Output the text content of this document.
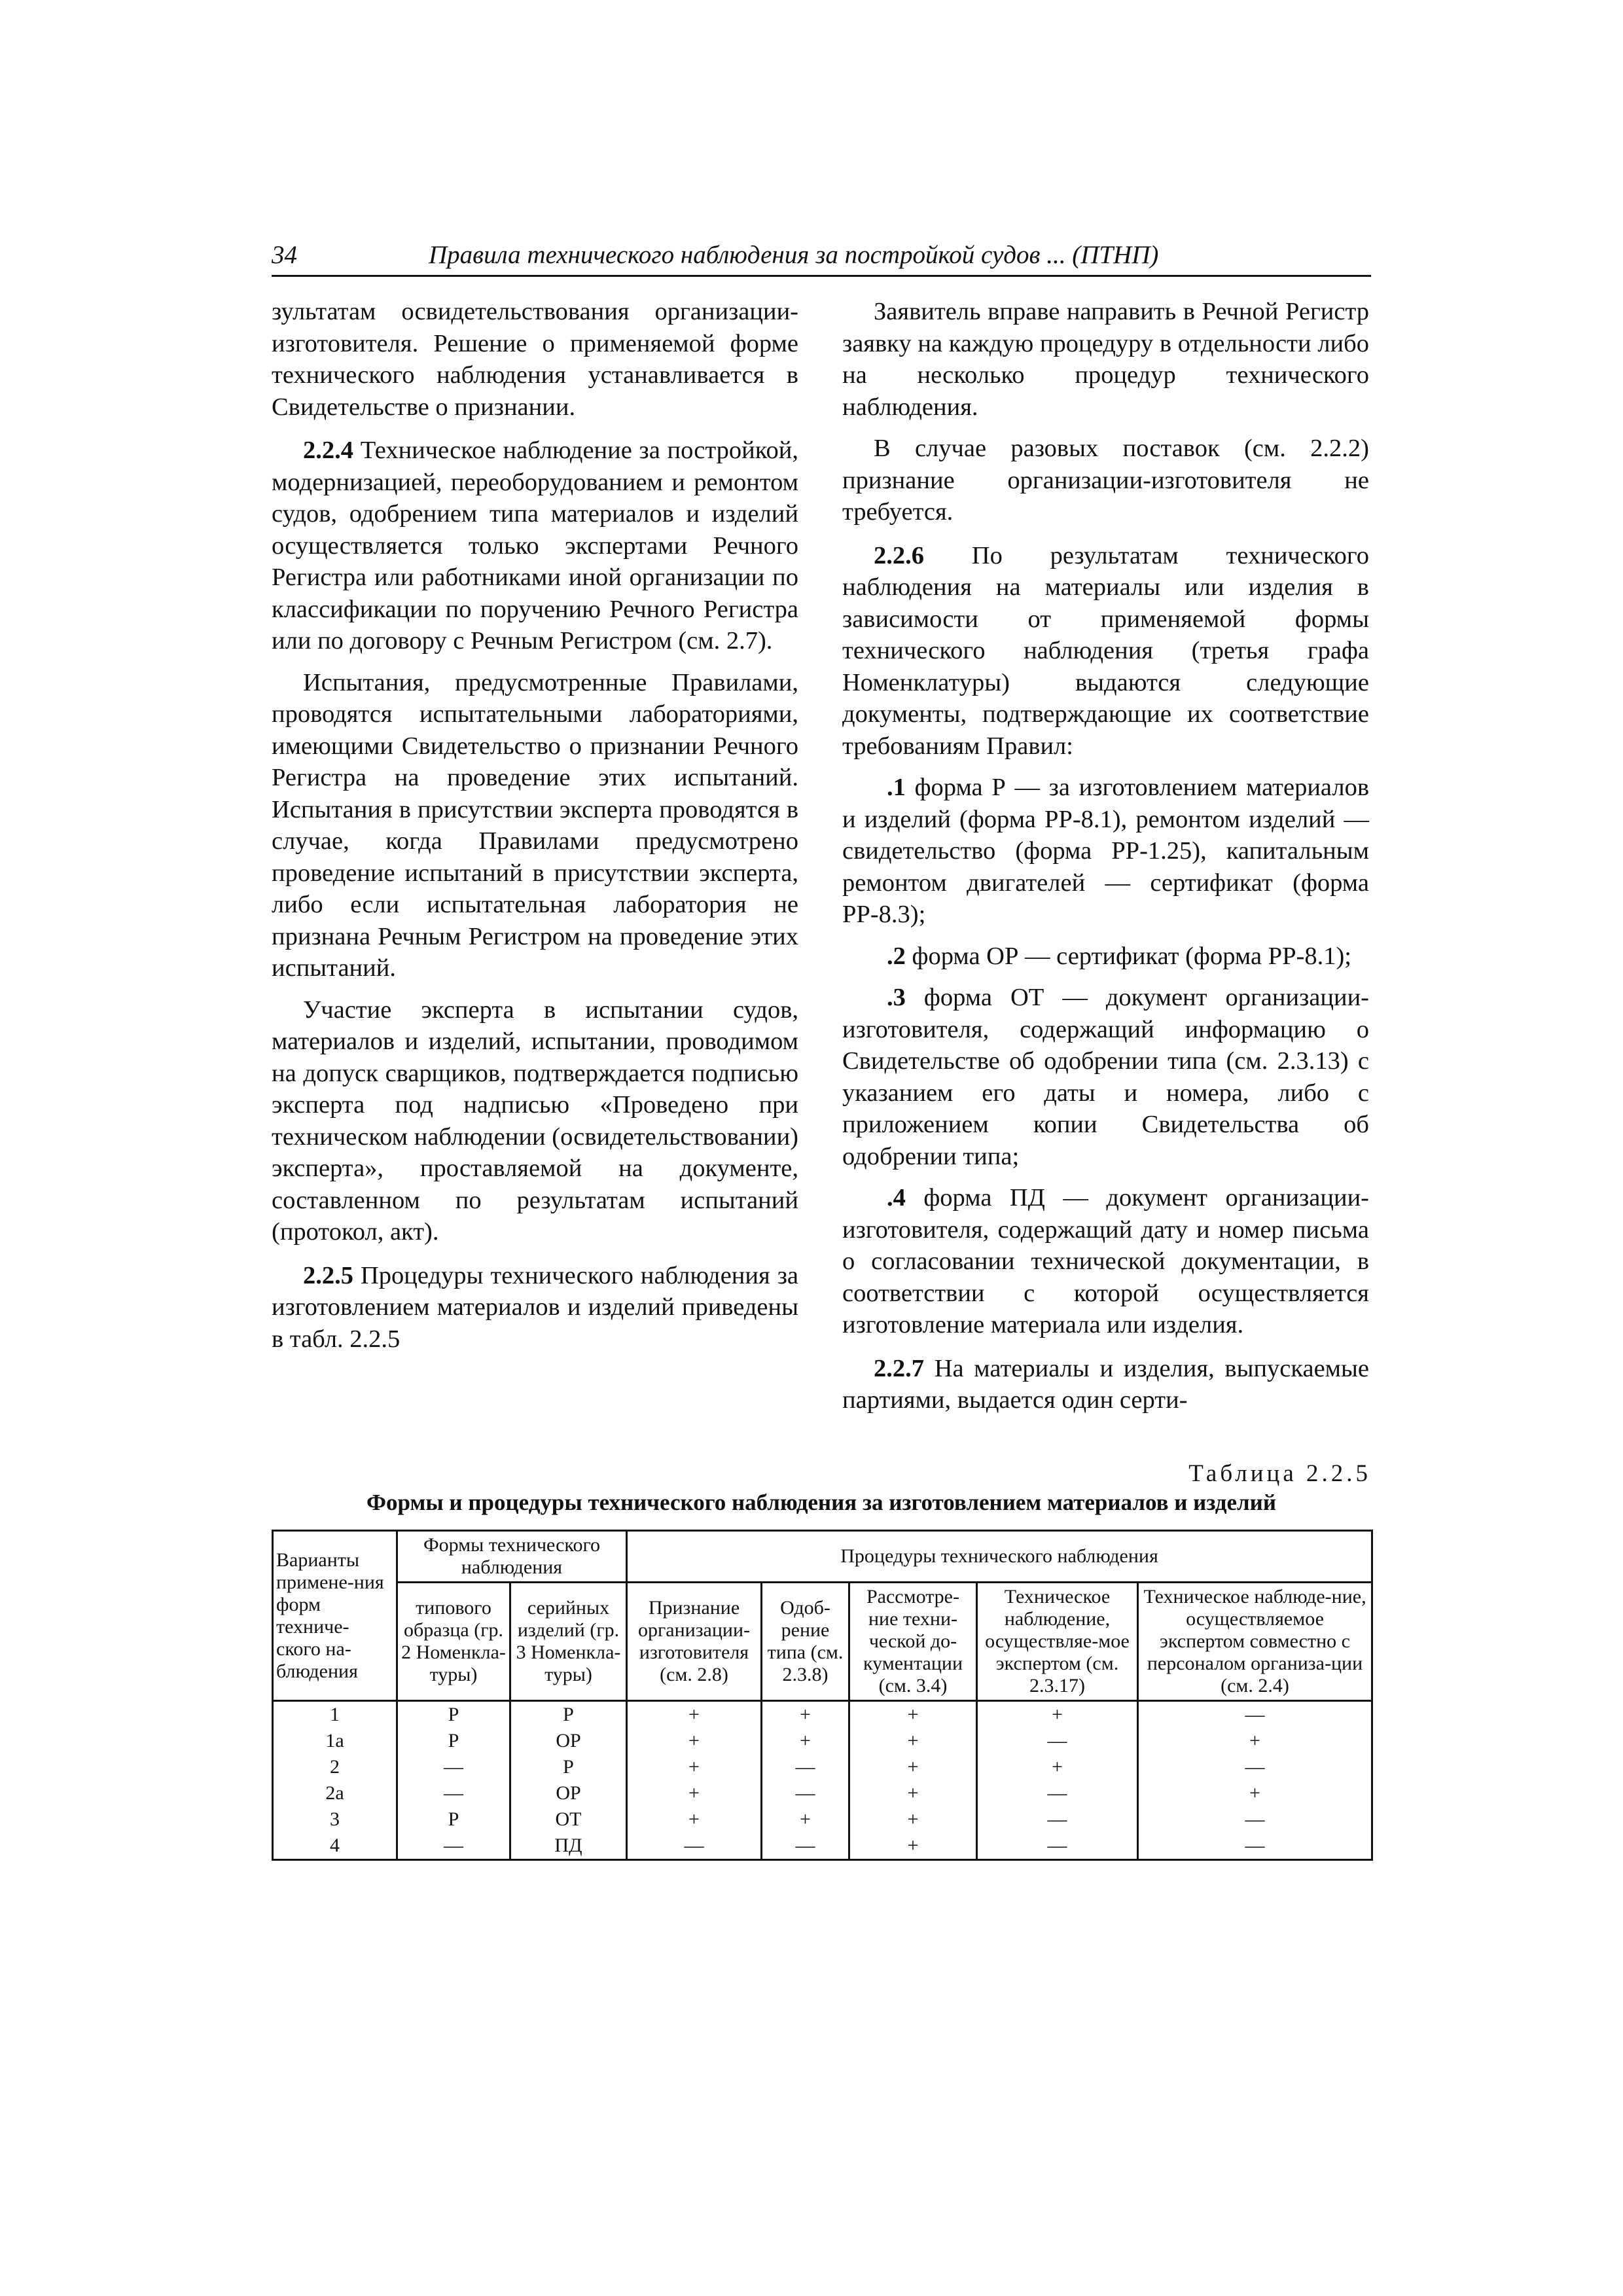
34	Правила технического наблюдения за постройкой судов ... (ПТНП)

зультатам освидетельствования организации-изготовителя. Решение о применяемой форме технического наблюдения устанавливается в Свидетельстве о признании.

2.2.4 Техническое наблюдение за постройкой, модернизацией, переоборудованием и ремонтом судов, одобрением типа материалов и изделий осуществляется только экспертами Речного Регистра или работниками иной организации по классификации по поручению Речного Регистра или по договору с Речным Регистром (см. 2.7).

Испытания, предусмотренные Правилами, проводятся испытательными лабораториями, имеющими Свидетельство о признании Речного Регистра на проведение этих испытаний. Испытания в присутствии эксперта проводятся в случае, когда Правилами предусмотрено проведение испытаний в присутствии эксперта, либо если испытательная лаборатория не признана Речным Регистром на проведение этих испытаний.

Участие эксперта в испытании судов, материалов и изделий, испытании, проводимом на допуск сварщиков, подтверждается подписью эксперта под надписью «Проведено при техническом наблюдении (освидетельствовании) эксперта», проставляемой на документе, составленном по результатам испытаний (протокол, акт).

2.2.5 Процедуры технического наблюдения за изготовлением материалов и изделий приведены в табл. 2.2.5

Заявитель вправе направить в Речной Регистр заявку на каждую процедуру в отдельности либо на несколько процедур технического наблюдения.

В случае разовых поставок (см. 2.2.2) признание организации-изготовителя не требуется.

2.2.6 По результатам технического наблюдения на материалы или изделия в зависимости от применяемой формы технического наблюдения (третья графа Номенклатуры) выдаются следующие документы, подтверждающие их соответствие требованиям Правил:

.1 форма Р — за изготовлением материалов и изделий (форма РР-8.1), ремонтом изделий — свидетельство (форма РР-1.25), капитальным ремонтом двигателей — сертификат (форма РР-8.3);

.2 форма ОР — сертификат (форма РР-8.1);

.3 форма ОТ — документ организации-изготовителя, содержащий информацию о Свидетельстве об одобрении типа (см. 2.3.13) с указанием его даты и номера, либо с приложением копии Свидетельства об одобрении типа;

.4 форма ПД — документ организации-изготовителя, содержащий дату и номер письма о согласовании технической документации, в соответствии с которой осуществляется изготовление материала или изделия.

2.2.7 На материалы и изделия, выпускаемые партиями, выдается один серти-

Таблица 2.2.5
Формы и процедуры технического наблюдения за изготовлением материалов и изделий
Варианты примене-ния форм техниче-ского на-блюдения	Формы технического наблюдения		Процедуры технического наблюдения				
	типового образца (гр. 2 Номенкла-туры)	серийных изделий (гр. 3 Номенкла-туры)	Признание организации-изготовителя (см. 2.8)	Одоб-рение типа (см. 2.3.8)	Рассмотре-ние техни-ческой до-кументации (см. 3.4)	Техническое наблюдение, осуществляе-мое экспертом (см. 2.3.17)	Техническое наблюде-ние, осуществляемое экспертом совместно с персоналом организа-ции (см. 2.4)
1	Р	Р	+	+	+	+	—
1а	Р	ОР	+	+	+	—	+
2	—	Р	+	—	+	+	—
2а	—	ОР	+	—	+	—	+
3	Р	ОТ	+	+	+	—	—
4	—	ПД	—	—	+	—	—
